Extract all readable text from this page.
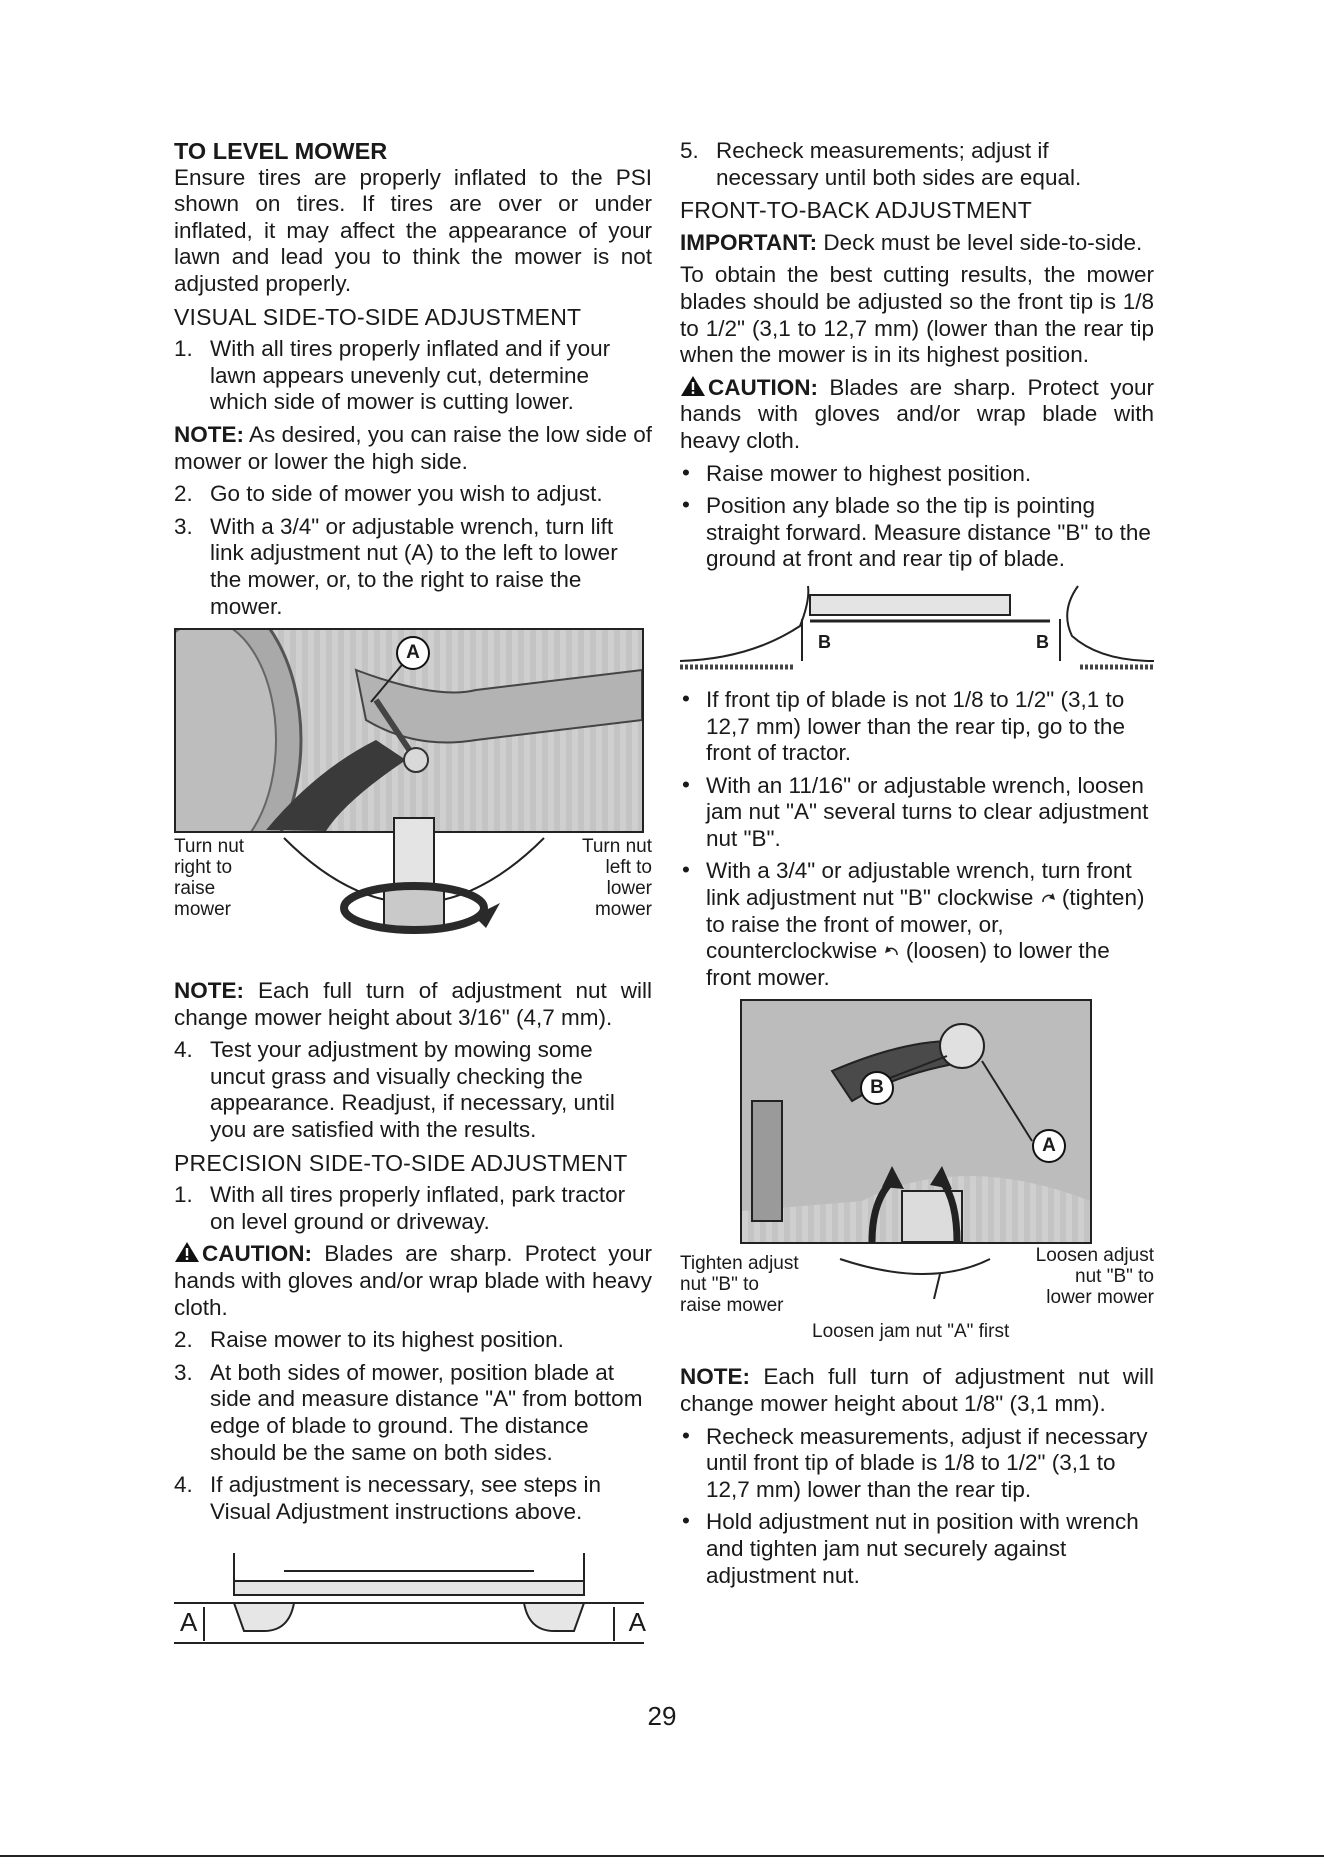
TO LEVEL MOWER

Ensure tires are properly inflated to the PSI shown on tires. If tires are over or under inflated, it may affect the appearance of your lawn and lead you to think the mower is not adjusted properly.

VISUAL SIDE-TO-SIDE ADJUSTMENT
1. With all tires properly inflated and if your lawn appears unevenly cut, determine which side of mower is cutting lower.

NOTE: As desired, you can raise the low side of mower or lower the high side.

2. Go to side of mower you wish to adjust.
3. With a 3/4" or adjustable wrench, turn lift link adjustment nut (A) to the left to lower the mower, or, to the right to raise the mower.
A
Turn nut
right to
raise
mower
Turn nut
left to
lower
mower

NOTE: Each full turn of adjustment nut will change mower height about 3/16" (4,7 mm).

4. Test your adjustment by mowing some uncut grass and visually checking the appearance. Readjust, if necessary, until you are satisfied with the results.
PRECISION SIDE-TO-SIDE ADJUSTMENT
1. With all tires properly inflated, park tractor on level ground or driveway.

CAUTION: Blades are sharp. Protect your hands with gloves and/or wrap blade with heavy cloth.

2. Raise mower to its highest position.
3. At both sides of mower, position blade at side and measure distance "A" from bottom edge of blade to ground. The distance should be the same on both sides.
4. If adjustment is necessary, see steps in Visual Adjustment instructions above.
A	A
5. Recheck measurements; adjust if necessary until both sides are equal.
FRONT-TO-BACK ADJUSTMENT

IMPORTANT: Deck must be level side-to-side.

To obtain the best cutting results, the mower blades should be adjusted so the front tip is 1/8 to 1/2" (3,1 to 12,7 mm) (lower than the rear tip when the mower is in its highest position.

CAUTION: Blades are sharp. Protect your hands with gloves and/or wrap blade with heavy cloth.

• Raise mower to highest position.
• Position any blade so the tip is pointing straight forward. Measure distance "B" to the ground at front and rear tip of blade.
B	B
• If front tip of blade is not 1/8 to 1/2" (3,1 to 12,7 mm) lower than the rear tip, go to the front of tractor.
• With an 11/16" or adjustable wrench, loosen jam nut "A" several turns to clear adjustment nut "B".
• With a 3/4" or adjustable wrench, turn front link adjustment nut "B" clockwise (tighten) to raise the front of mower, or, counterclockwise (loosen) to lower the front mower.
B
A
Tighten adjust
nut "B" to
raise mower
Loosen adjust
nut "B" to
lower mower
Loosen jam nut "A" first

NOTE: Each full turn of adjustment nut will change mower height about 1/8" (3,1 mm).

• Recheck measurements, adjust if necessary until front tip of blade is 1/8 to 1/2" (3,1 to 12,7 mm) lower than the rear tip.
• Hold adjustment nut in position with wrench and tighten jam nut securely against adjustment nut.
29
